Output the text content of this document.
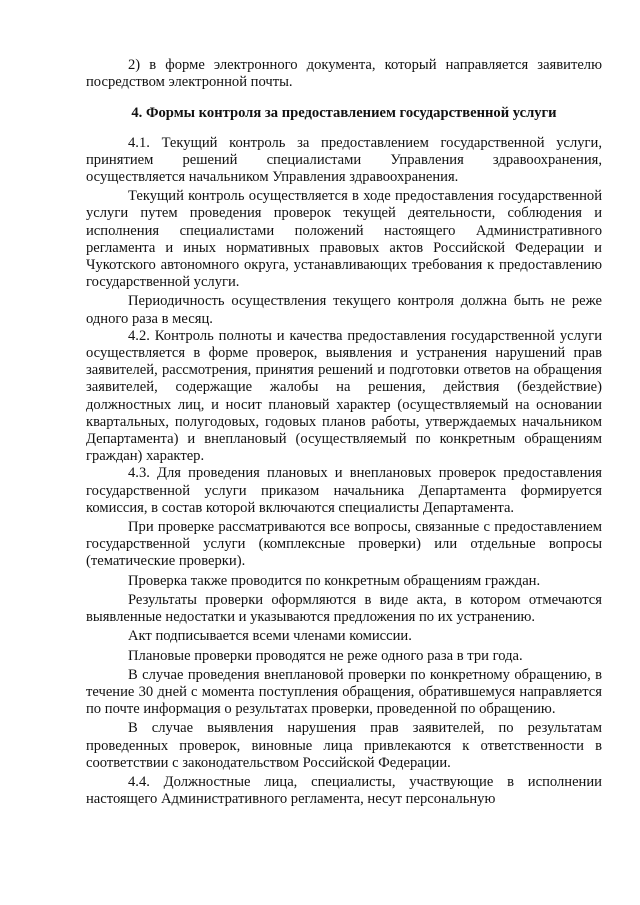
2) в форме электронного документа, который направляется заявителю посредством электронной почты.

4. Формы контроля за предоставлением государственной услуги

4.1. Текущий контроль за предоставлением государственной услуги, принятием решений специалистами Управления здравоохранения, осуществляется начальником Управления здравоохранения.

Текущий контроль осуществляется в ходе предоставления государственной услуги путем проведения проверок текущей деятельности, соблюдения и исполнения специалистами положений настоящего Административного регламента и иных нормативных правовых актов Российской Федерации и Чукотского автономного округа, устанавливающих требования к предоставлению государственной услуги.

Периодичность осуществления текущего контроля должна быть не реже одного раза в месяц.

4.2. Контроль полноты и качества предоставления государственной услуги осуществляется в форме проверок, выявления и устранения нарушений прав заявителей, рассмотрения, принятия решений и подготовки ответов на обращения заявителей, содержащие жалобы на решения, действия (бездействие) должностных лиц, и носит плановый характер (осуществляемый на основании квартальных, полугодовых, годовых планов работы, утверждаемых начальником Департамента) и внеплановый (осуществляемый по конкретным обращениям граждан) характер.

4.3. Для проведения плановых и внеплановых проверок предоставления государственной услуги приказом начальника Департамента формируется комиссия, в состав которой включаются специалисты Департамента.

При проверке рассматриваются все вопросы, связанные с предоставлением государственной услуги (комплексные проверки) или отдельные вопросы (тематические проверки).

Проверка также проводится по конкретным обращениям граждан.

Результаты проверки оформляются в виде акта, в котором отмечаются выявленные недостатки и указываются предложения по их устранению.

Акт подписывается всеми членами комиссии.

Плановые проверки проводятся не реже одного раза в три года.

В случае проведения внеплановой проверки по конкретному обращению, в течение 30 дней с момента поступления обращения, обратившемуся направляется по почте информация о результатах проверки, проведенной по обращению.

В случае выявления нарушения прав заявителей, по результатам проведенных проверок, виновные лица привлекаются к ответственности в соответствии с законодательством Российской Федерации.

4.4. Должностные лица, специалисты, участвующие в исполнении настоящего Административного регламента, несут персональную
